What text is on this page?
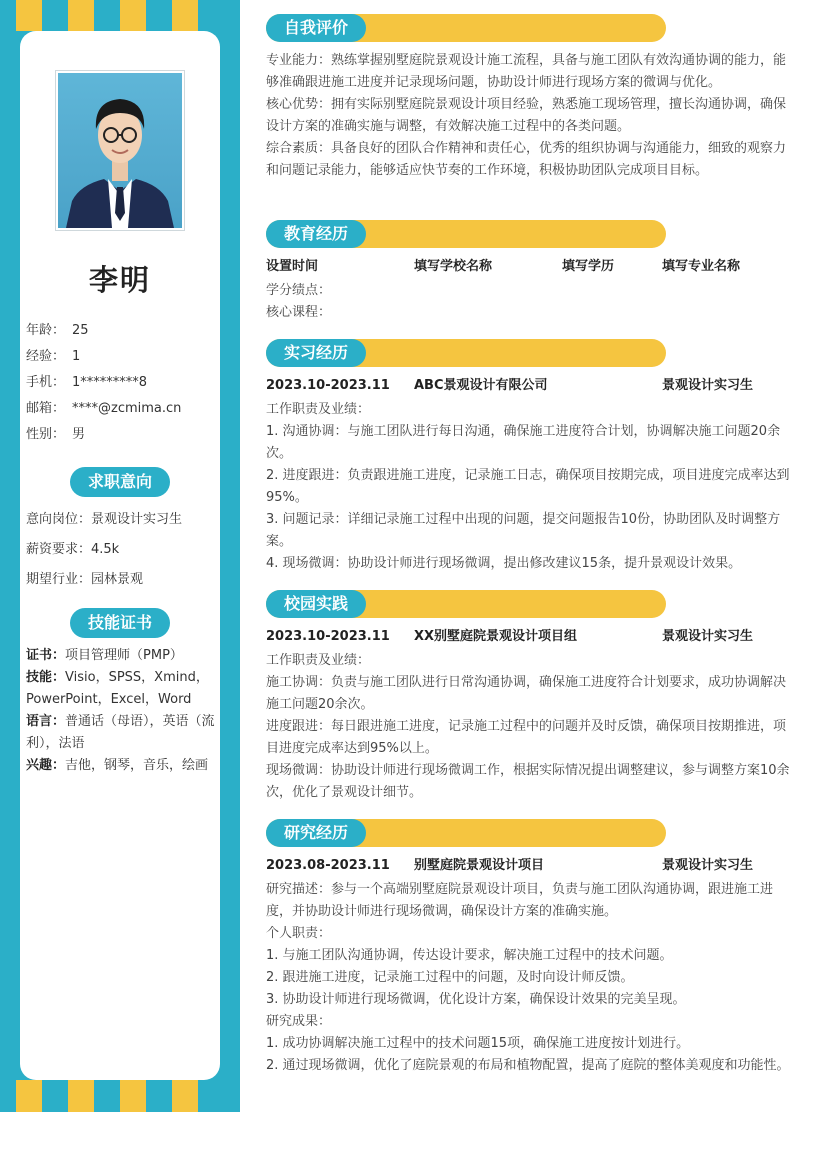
李明
年龄： 25
经验： 1
手机： 1*********8
邮箱： ****@zcmima.cn
性别： 男
求职意向
意向岗位：景观设计实习生
薪资要求：4.5k
期望行业：园林景观
技能证书
证书：项目管理师（PMP）
技能：Visio，SPSS，Xmind，PowerPoint，Excel，Word
语言：普通话（母语），英语（流利），法语
兴趣：吉他，钢琴，音乐，绘画
自我评价

专业能力：熟练掌握别墅庭院景观设计施工流程，具备与施工团队有效沟通协调的能力，能够准确跟进施工进度并记录现场问题，协助设计师进行现场方案的微调与优化。

核心优势：拥有实际别墅庭院景观设计项目经验，熟悉施工现场管理，擅长沟通协调，确保设计方案的准确实施与调整，有效解决施工过程中的各类问题。

综合素质：具备良好的团队合作精神和责任心，优秀的组织协调与沟通能力，细致的观察力和问题记录能力，能够适应快节奏的工作环境，积极协助团队完成项目目标。

教育经历
设置时间	填写学校名称	填写学历	填写专业名称

学分绩点：

核心课程：

实习经历
2023.10-2023.11 ABC景观设计有限公司	景观设计实习生

工作职责及业绩：

1. 沟通协调：与施工团队进行每日沟通，确保施工进度符合计划，协调解决施工问题20余次。

2. 进度跟进：负责跟进施工进度，记录施工日志，确保项目按期完成，项目进度完成率达到95%。

3. 问题记录：详细记录施工过程中出现的问题，提交问题报告10份，协助团队及时调整方案。

4. 现场微调：协助设计师进行现场微调，提出修改建议15条，提升景观设计效果。

校园实践
2023.10-2023.11 XX别墅庭院景观设计项目组	景观设计实习生

工作职责及业绩：

施工协调：负责与施工团队进行日常沟通协调，确保施工进度符合计划要求，成功协调解决施工问题20余次。

进度跟进：每日跟进施工进度，记录施工过程中的问题并及时反馈，确保项目按期推进，项目进度完成率达到95%以上。

现场微调：协助设计师进行现场微调工作，根据实际情况提出调整建议，参与调整方案10余次，优化了景观设计细节。

研究经历
2023.08-2023.11 别墅庭院景观设计项目	景观设计实习生

研究描述：参与一个高端别墅庭院景观设计项目，负责与施工团队沟通协调，跟进施工进度，并协助设计师进行现场微调，确保设计方案的准确实施。

个人职责：

1. 与施工团队沟通协调，传达设计要求，解决施工过程中的技术问题。

2. 跟进施工进度，记录施工过程中的问题，及时向设计师反馈。

3. 协助设计师进行现场微调，优化设计方案，确保设计效果的完美呈现。

研究成果：

1. 成功协调解决施工过程中的技术问题15项，确保施工进度按计划进行。

2. 通过现场微调，优化了庭院景观的布局和植物配置，提高了庭院的整体美观度和功能性。
